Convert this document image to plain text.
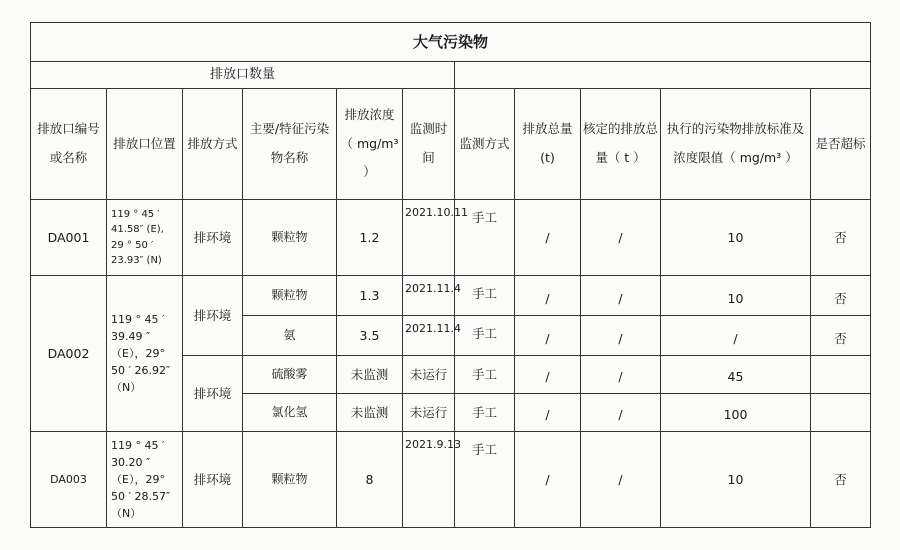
大气污染物										
排放口数量										
排放口编号或名称	排放口位置	排放方式	主要/特征污染物名称	排放浓度（ mg/m³ ）	监测时间	监测方式	排放总量(t)	核定的排放总量（ t ）	执行的污染物排放标准及浓度限值（ mg/m³ ）	是否超标
DA001	119 ° 45 ′ 41.58″ (E), 29 ° 50 ′ 23.93″ (N)	排环境	颗粒物	1.2	2021.10.11	手工	/	/	10	否
DA002	119 ° 45 ′ 39.49 ″ （E），29° 50 ′ 26.92″（N）	排环境	颗粒物	1.3	2021.11.4	手工	/	/	10	否
			氨	3.5	2021.11.4	手工	/	/	/	否
		排环境	硫酸雾	未监测	未运行	手工	/	/	45	
			氯化氢	未监测	未运行	手工	/	/	100	
DA003	119 ° 45 ′ 30.20 ″ （E），29° 50 ′ 28.57″（N）	排环境	颗粒物	8	2021.9.13	手工	/	/	10	否
